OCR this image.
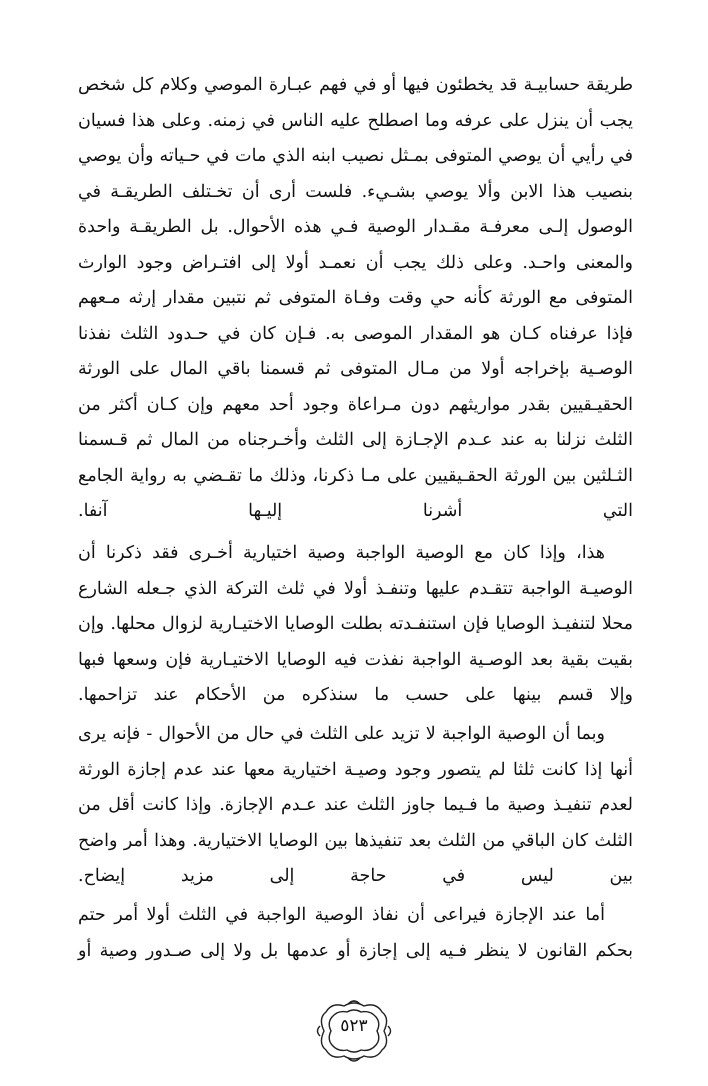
طريقة حسابيـة قد يخطئون فيها أو في فهم عبـارة الموصي وكلام كل شخص يجب أن ينزل على عرفه وما اصطلح عليه الناس في زمنه. وعلى هذا فسيان في رأيي أن يوصي المتوفى بمـثل نصيب ابنه الذي مات في حـياته وأن يوصي بنصيب هذا الابن وألا يوصي بشـيء. فلست أرى أن تخـتلف الطريقـة في الوصول إلـى معرفـة مقـدار الوصية فـي هذه الأحوال. بل الطريقـة واحدة والمعنى واحـد. وعلى ذلك يجب أن نعمـد أولا إلى افتـراض وجود الوارث المتوفى مع الورثة كأنه حي وقت وفـاة المتوفى ثم نتبين مقدار إرثه مـعهم فإذا عرفناه كـان هو المقدار الموصى به. فـإن كان في حـدود الثلث نفذنا الوصـية بإخراجه أولا من مـال المتوفى ثم قسمنا باقي المال على الورثة الحقيـقيين بقدر مواريثهم دون مـراعاة وجود أحد معهم وإن كـان أكثر من الثلث نزلنا به عند عـدم الإجـازة إلى الثلث وأخـرجناه من المال ثم قـسمنا الثـلثين بين الورثة الحقـيقيين على مـا ذكرنا، وذلك ما تقـضي به رواية الجامع التي أشرنا إليـها آنفا.

هذا، وإذا كان مع الوصية الواجبة وصية اختيارية أخـرى فقد ذكرنا أن الوصيـة الواجبة تتقـدم عليها وتنفـذ أولا في ثلث التركة الذي جـعله الشارع محلا لتنفيـذ الوصايا فإن استنفـدته بطلت الوصايا الاختيـارية لزوال محلها. وإن بقيت بقية بعد الوصـية الواجبة نفذت فيه الوصايا الاختيـارية فإن وسعها فبها وإلا قسم بينها على حسب ما سنذكره من الأحكام عند تزاحمها.

وبما أن الوصية الواجبة لا تزيد على الثلث في حال من الأحوال - فإنه يرى أنها إذا كانت ثلثا لم يتصور وجود وصيـة اختيارية معها عند عدم إجازة الورثة لعدم تنفيـذ وصية ما فـيما جاوز الثلث عند عـدم الإجازة. وإذا كانت أقل من الثلث كان الباقي من الثلث بعد تنفيذها بين الوصايا الاختيارية. وهذا أمر واضح بين ليس في حاجة إلى مزيد إيضاح.

أما عند الإجازة فيراعى أن نفاذ الوصية الواجبة في الثلث أولا أمر حتم بحكم القانون لا ينظر فـيه إلى إجازة أو عدمها بل ولا إلى صـدور وصية أو

٥٢٣
